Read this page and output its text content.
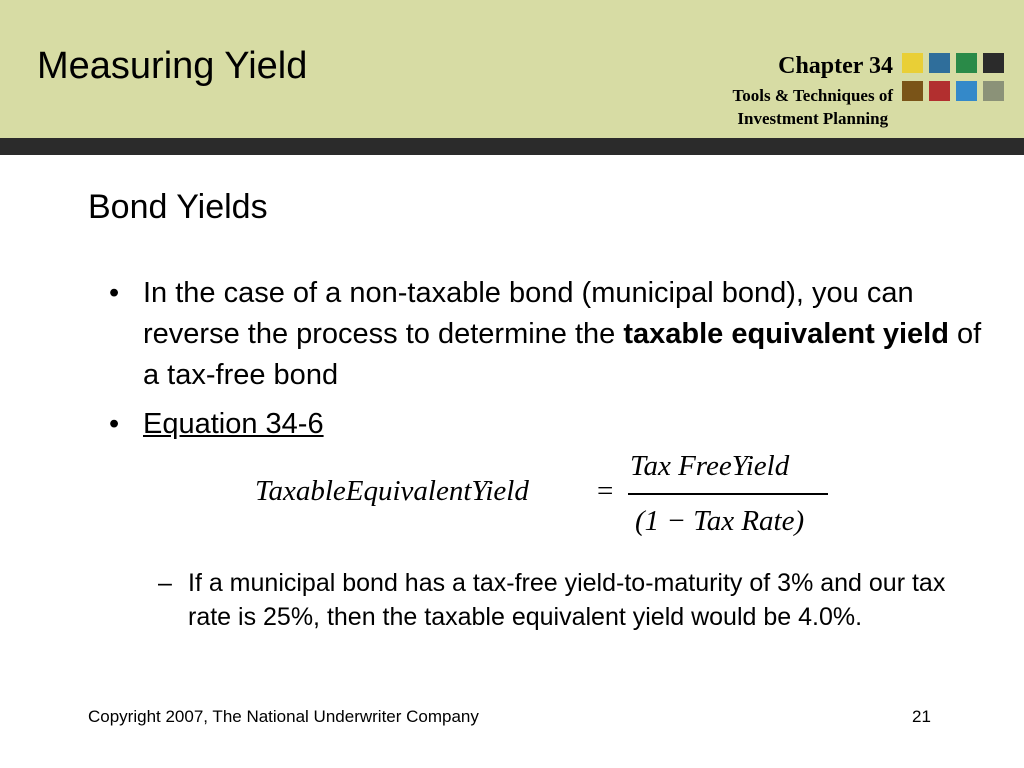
Measuring Yield	Chapter 34
Tools & Techniques of
Investment Planning
Bond Yields
• In the case of a non-taxable bond (municipal bond), you can reverse the process to determine the taxable equivalent yield of a tax-free bond
• Equation 34-6
TaxableEquivalentYield =
Tax FreeYield
(1 − Tax Rate)
– If a municipal bond has a tax-free yield-to-maturity of 3% and our tax rate is 25%, then the taxable equivalent yield would be 4.0%.
Copyright 2007, The National Underwriter Company	21
